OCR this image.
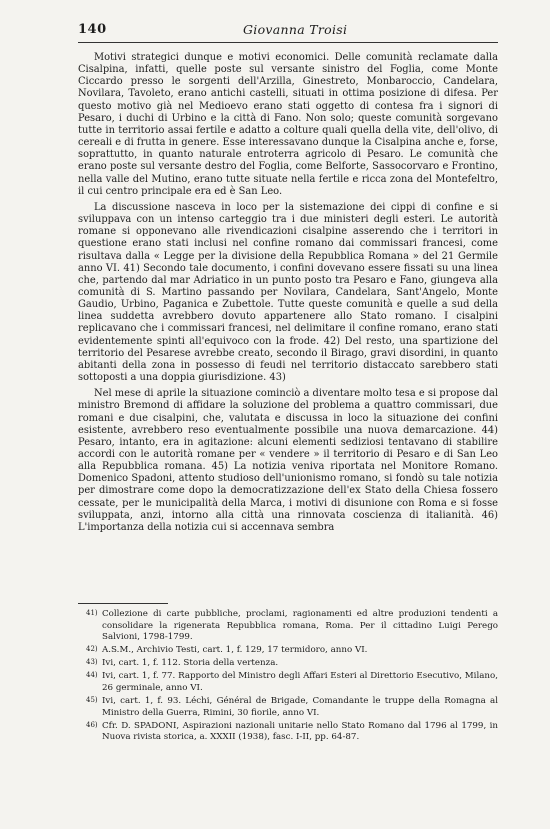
140	Giovanna Troisi

Motivi strategici dunque e motivi economici. Delle comunità reclamate dalla Cisalpina, infatti, quelle poste sul versante sinistro del Foglia, come Monte Ciccardo presso le sorgenti dell'Arzilla, Ginestreto, Monbaroccio, Candelara, Novilara, Tavoleto, erano antichi castelli, situati in ottima posizione di difesa. Per questo motivo già nel Medioevo erano stati oggetto di contesa fra i signori di Pesaro, i duchi di Urbino e la città di Fano. Non solo; queste comunità sorgevano tutte in territorio assai fertile e adatto a colture quali quella della vite, dell'olivo, di cereali e di frutta in genere. Esse interessavano dunque la Cisalpina anche e, forse, soprattutto, in quanto naturale entroterra agricolo di Pesaro. Le comunità che erano poste sul versante destro del Foglia, come Belforte, Sassocorvaro e Frontino, nella valle del Mutino, erano tutte situate nella fertile e ricca zona del Montefeltro, il cui centro principale era ed è San Leo.

La discussione nasceva in loco per la sistemazione dei cippi di confine e si sviluppava con un intenso carteggio tra i due ministeri degli esteri. Le autorità romane si opponevano alle rivendicazioni cisalpine asserendo che i territori in questione erano stati inclusi nel confine romano dai commissari francesi, come risultava dalla « Legge per la divisione della Repubblica Romana » del 21 Germile anno VI. 41) Secondo tale documento, i confini dovevano essere fissati su una linea che, partendo dal mar Adriatico in un punto posto tra Pesaro e Fano, giungeva alla comunità di S. Martino passando per Novilara, Candelara, Sant'Angelo, Monte Gaudio, Urbino, Paganica e Zubettole. Tutte queste comunità e quelle a sud della linea suddetta avrebbero dovuto appartenere allo Stato romano. I cisalpini replicavano che i commissari francesi, nel delimitare il confine romano, erano stati evidentemente spinti all'equivoco con la frode. 42) Del resto, una spartizione del territorio del Pesarese avrebbe creato, secondo il Birago, gravi disordini, in quanto abitanti della zona in possesso di feudi nel territorio distaccato sarebbero stati sottoposti a una doppia giurisdizione. 43)

Nel mese di aprile la situazione cominciò a diventare molto tesa e si propose dal ministro Bremond di affidare la soluzione del problema a quattro commissari, due romani e due cisalpini, che, valutata e discussa in loco la situazione dei confini esistente, avrebbero reso eventualmente possibile una nuova demarcazione. 44) Pesaro, intanto, era in agitazione: alcuni elementi sediziosi tentavano di stabilire accordi con le autorità romane per « vendere » il territorio di Pesaro e di San Leo alla Repubblica romana. 45) La notizia veniva riportata nel Monitore Romano. Domenico Spadoni, attento studioso dell'unionismo romano, si fondò su tale notizia per dimostrare come dopo la democratizzazione dell'ex Stato della Chiesa fossero cessate, per le municipalità della Marca, i motivi di disunione con Roma e si fosse sviluppata, anzi, intorno alla città una rinnovata coscienza di italianità. 46) L'importanza della notizia cui si accennava sembra

41) Collezione di carte pubbliche, proclami, ragionamenti ed altre produzioni tendenti a consolidare la rigenerata Repubblica romana, Roma. Per il cittadino Luigi Perego Salvioni, 1798-1799.
42) A.S.M., Archivio Testi, cart. 1, f. 129, 17 termidoro, anno VI.
43) Ivi, cart. 1, f. 112. Storia della vertenza.
44) Ivi, cart. 1, f. 77. Rapporto del Ministro degli Affari Esteri al Direttorio Esecutivo, Milano, 26 germinale, anno VI.
45) Ivi, cart. 1, f. 93. Léchi, Général de Brigade, Comandante le truppe della Romagna al Ministro della Guerra, Rimini, 30 fiorile, anno VI.
46) Cfr. D. SPADONI, Aspirazioni nazionali unitarie nello Stato Romano dal 1796 al 1799, in Nuova rivista storica, a. XXXII (1938), fasc. I-II, pp. 64-87.
